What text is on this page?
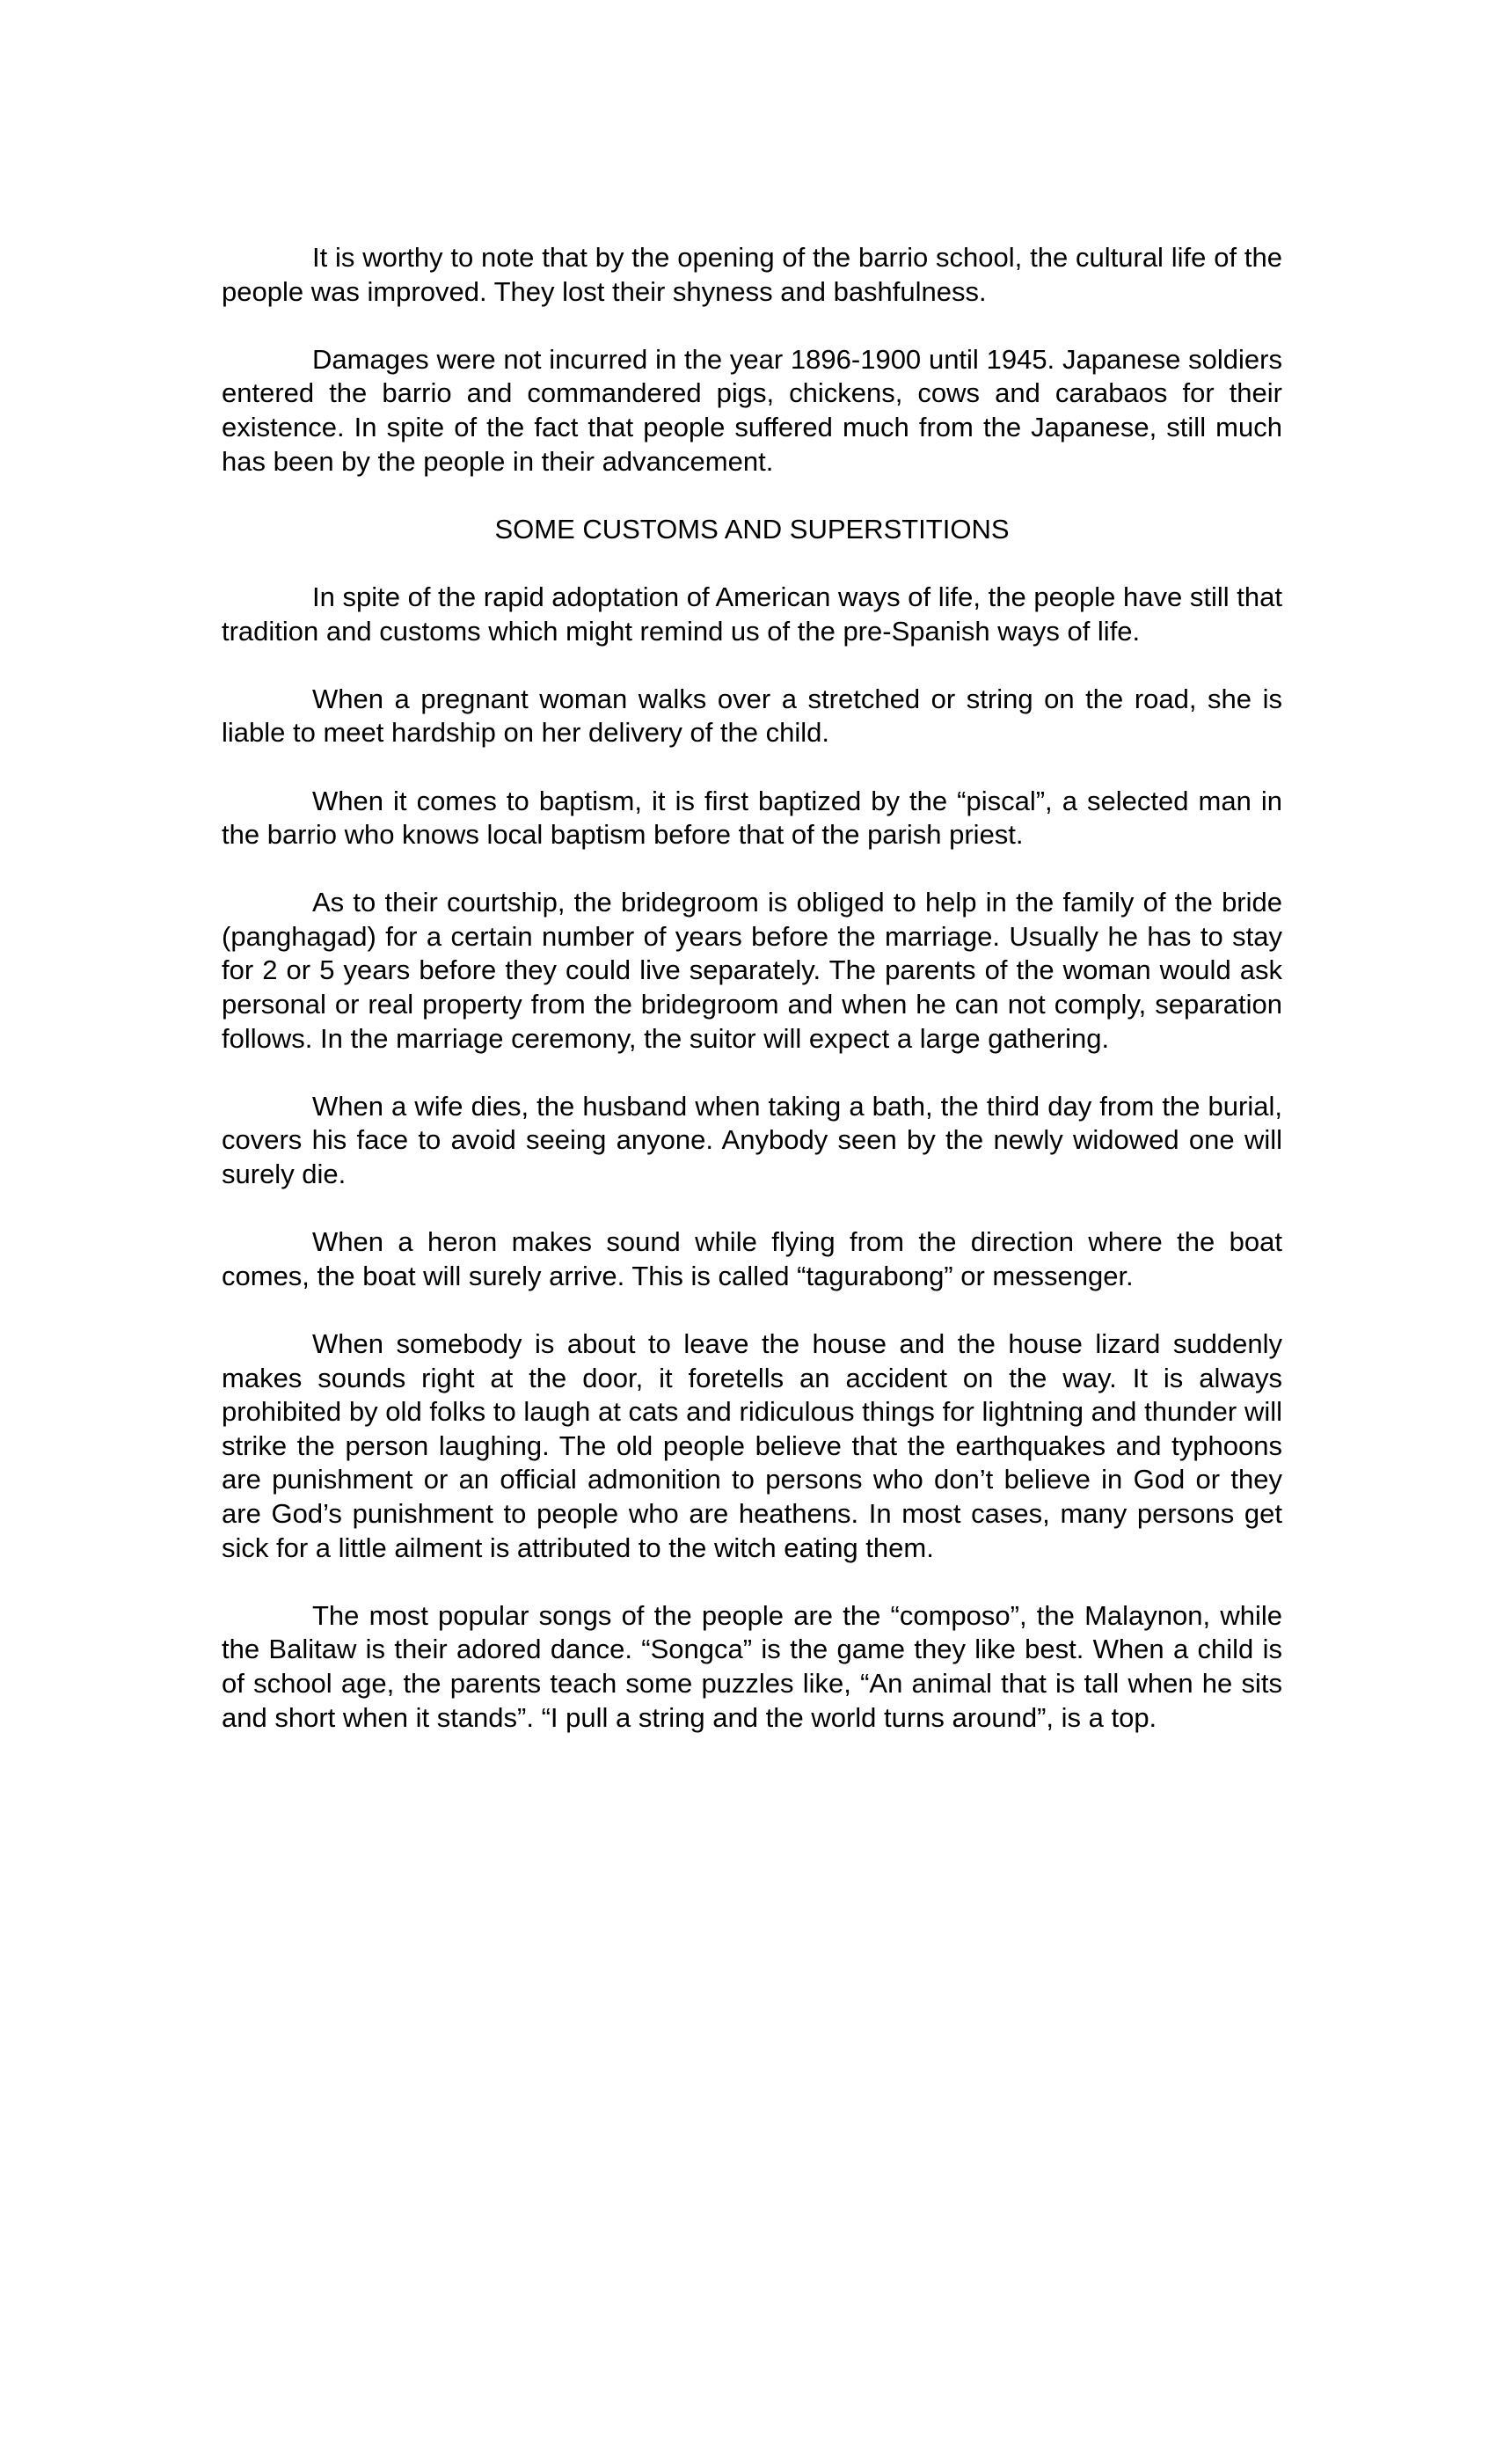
It is worthy to note that by the opening of the barrio school, the cultural life of the people was improved. They lost their shyness and bashfulness.

Damages were not incurred in the year 1896-1900 until 1945. Japanese soldiers entered the barrio and commandered pigs, chickens, cows and carabaos for their existence. In spite of the fact that people suffered much from the Japanese, still much has been by the people in their advancement.

SOME CUSTOMS AND SUPERSTITIONS

In spite of the rapid adoptation of American ways of life, the people have still that tradition and customs which might remind us of the pre-Spanish ways of life.

When a pregnant woman walks over a stretched or string on the road, she is liable to meet hardship on her delivery of the child.

When it comes to baptism, it is first baptized by the “piscal”, a selected man in the barrio who knows local baptism before that of the parish priest.

As to their courtship, the bridegroom is obliged to help in the family of the bride (panghagad) for a certain number of years before the marriage. Usually he has to stay for 2 or 5 years before they could live separately. The parents of the woman would ask personal or real property from the bridegroom and when he can not comply, separation follows. In the marriage ceremony, the suitor will expect a large gathering.

When a wife dies, the husband when taking a bath, the third day from the burial, covers his face to avoid seeing anyone. Anybody seen by the newly widowed one will surely die.

When a heron makes sound while flying from the direction where the boat comes, the boat will surely arrive. This is called “tagurabong” or messenger.

When somebody is about to leave the house and the house lizard suddenly makes sounds right at the door, it foretells an accident on the way. It is always prohibited by old folks to laugh at cats and ridiculous things for lightning and thunder will strike the person laughing. The old people believe that the earthquakes and typhoons are punishment or an official admonition to persons who don’t believe in God or they are God’s punishment to people who are heathens. In most cases, many persons get sick for a little ailment is attributed to the witch eating them.

The most popular songs of the people are the “composo”, the Malaynon, while the Balitaw is their adored dance. “Songca” is the game they like best. When a child is of school age, the parents teach some puzzles like, “An animal that is tall when he sits and short when it stands”. “I pull a string and the world turns around”, is a top.
